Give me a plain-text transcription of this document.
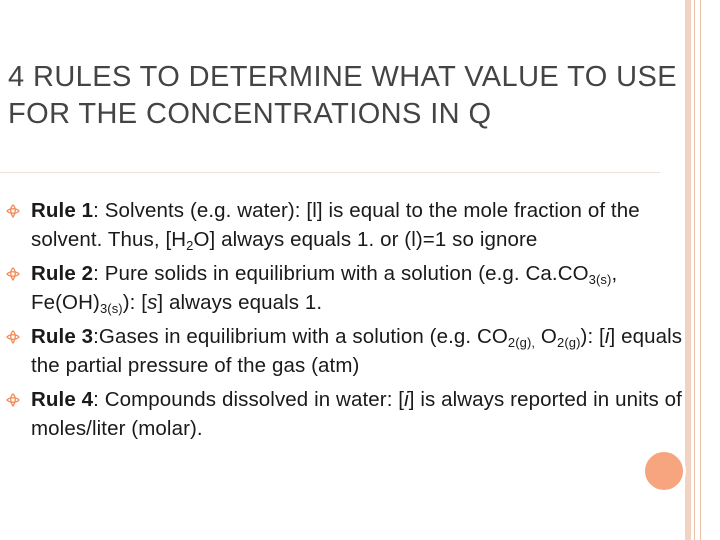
4 RULES TO DETERMINE WHAT VALUE TO USE FOR THE CONCENTRATIONS IN Q
Rule 1: Solvents (e.g. water): [l] is equal to the mole fraction of the solvent. Thus, $[H_2O]$ always equals 1. or (l)=1 so ignore
Rule 2: Pure solids in equilibrium with a solution (e.g. $Ca.CO_{3(s)}$, $Fe(OH)_{3(s)}$): [s] always equals 1.
Rule 3:Gases in equilibrium with a solution (e.g. $CO_{2(g),}$ $O_{2(g)}$): [i] equals the partial pressure of the gas (atm)
Rule 4: Compounds dissolved in water: [i] is always reported in units of moles/liter (molar).
